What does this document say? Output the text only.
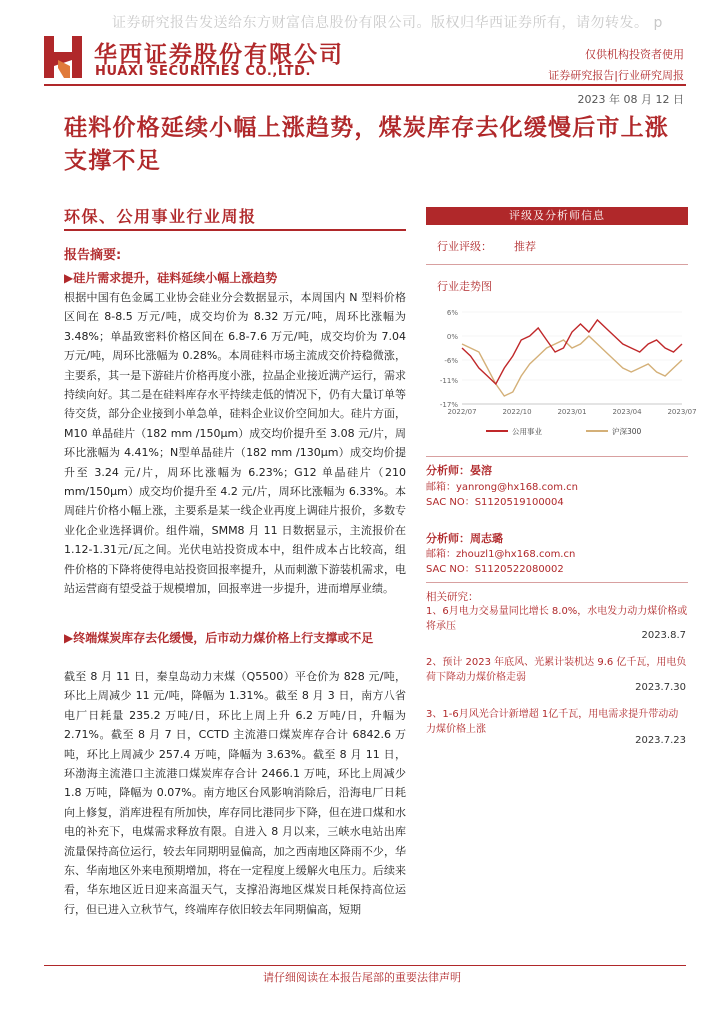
证券研究报告发送给东方财富信息股份有限公司。版权归华西证券所有，请勿转发。 p
华西证券股份有限公司
HUAXI SECURITIES CO.,LTD.
仅供机构投资者使用
证券研究报告|行业研究周报
2023 年 08 月 12 日
硅料价格延续小幅上涨趋势，煤炭库存去化缓慢后市上涨支撑不足
环保、公用事业行业周报
报告摘要:
▶硅片需求提升，硅料延续小幅上涨趋势
根据中国有色金属工业协会硅业分会数据显示，本周国内 N 型料价格区间在 8-8.5 万元/吨，成交均价为 8.32 万元/吨，周环比涨幅为 3.48%；单晶致密料价格区间在 6.8-7.6 万元/吨，成交均价为 7.04 万元/吨，周环比涨幅为 0.28%。本周硅料市场主流成交价持稳微涨，主要系，其一是下游硅片价格再度小涨，拉晶企业接近满产运行，需求持续向好。其二是在硅料库存水平持续走低的情况下，仍有大量订单等待交货，部分企业接到小单急单，硅料企业议价空间加大。硅片方面，M10 单晶硅片（182 mm /150μm）成交均价提升至 3.08 元/片，周环比涨幅为 4.41%；N型单晶硅片（182 mm /130μm）成交均价提升至 3.24 元/片，周环比涨幅为 6.23%；G12 单晶硅片（210 mm/150μm）成交均价提升至 4.2 元/片，周环比涨幅为 6.33%。本周硅片价格小幅上涨，主要系是某一线企业再度上调硅片报价，多数专业化企业选择调价。组件端，SMM8 月 11 日数据显示，主流报价在 1.12-1.31元/瓦之间。光伏电站投资成本中，组件成本占比较高，组件价格的下降将使得电站投资回报率提升，从而刺激下游装机需求，电站运营商有望受益于规模增加，回报率进一步提升，进而增厚业绩。
▶终端煤炭库存去化缓慢，后市动力煤价格上行支撑或不足
截至 8 月 11 日，秦皇岛动力末煤（Q5500）平仓价为 828 元/吨，环比上周减少 11 元/吨，降幅为 1.31%。截至 8 月 3 日，南方八省电厂日耗量 235.2 万吨/日，环比上周上升 6.2 万吨/日，升幅为 2.71%。截至 8 月 7 日，CCTD 主流港口煤炭库存合计 6842.6 万吨，环比上周减少 257.4 万吨，降幅为 3.63%。截至 8 月 11 日，环渤海主流港口主流港口煤炭库存合计 2466.1 万吨，环比上周减少 1.8 万吨，降幅为 0.07%。南方地区台风影响消除后，沿海电厂日耗向上修复，消库进程有所加快，库存同比港同步下降，但在进口煤和水电的补充下，电煤需求释放有限。自进入 8 月以来，三峡水电站出库流量保持高位运行，较去年同期明显偏高，加之西南地区降雨不少，华东、华南地区外来电预期增加，将在一定程度上缓解火电压力。后续来看，华东地区近日迎来高温天气，支撑沿海地区煤炭日耗保持高位运行，但已进入立秋节气，终端库存依旧较去年同期偏高，短期
评级及分析师信息
行业评级： 推荐
行业走势图
6%
0%
-6%
-11%
-17%
2022/07	2022/10	2023/01	2023/04	2023/07
公用事业	沪深300
分析师：晏溶
邮箱：yanrong@hx168.com.cn
SAC NO：S1120519100004
分析师：周志璐
邮箱：zhouzl1@hx168.com.cn
SAC NO：S1120522080002
相关研究：
1、6月电力交易量同比增长 8.0%，水电发力动力煤价格或将承压
2023.8.7
2、预计 2023 年底风、光累计装机达 9.6 亿千瓦，用电负荷下降动力煤价格走弱
2023.7.30
3、1-6月风光合计新增超 1亿千瓦，用电需求提升带动动力煤价格上涨
2023.7.23
请仔细阅读在本报告尾部的重要法律声明
